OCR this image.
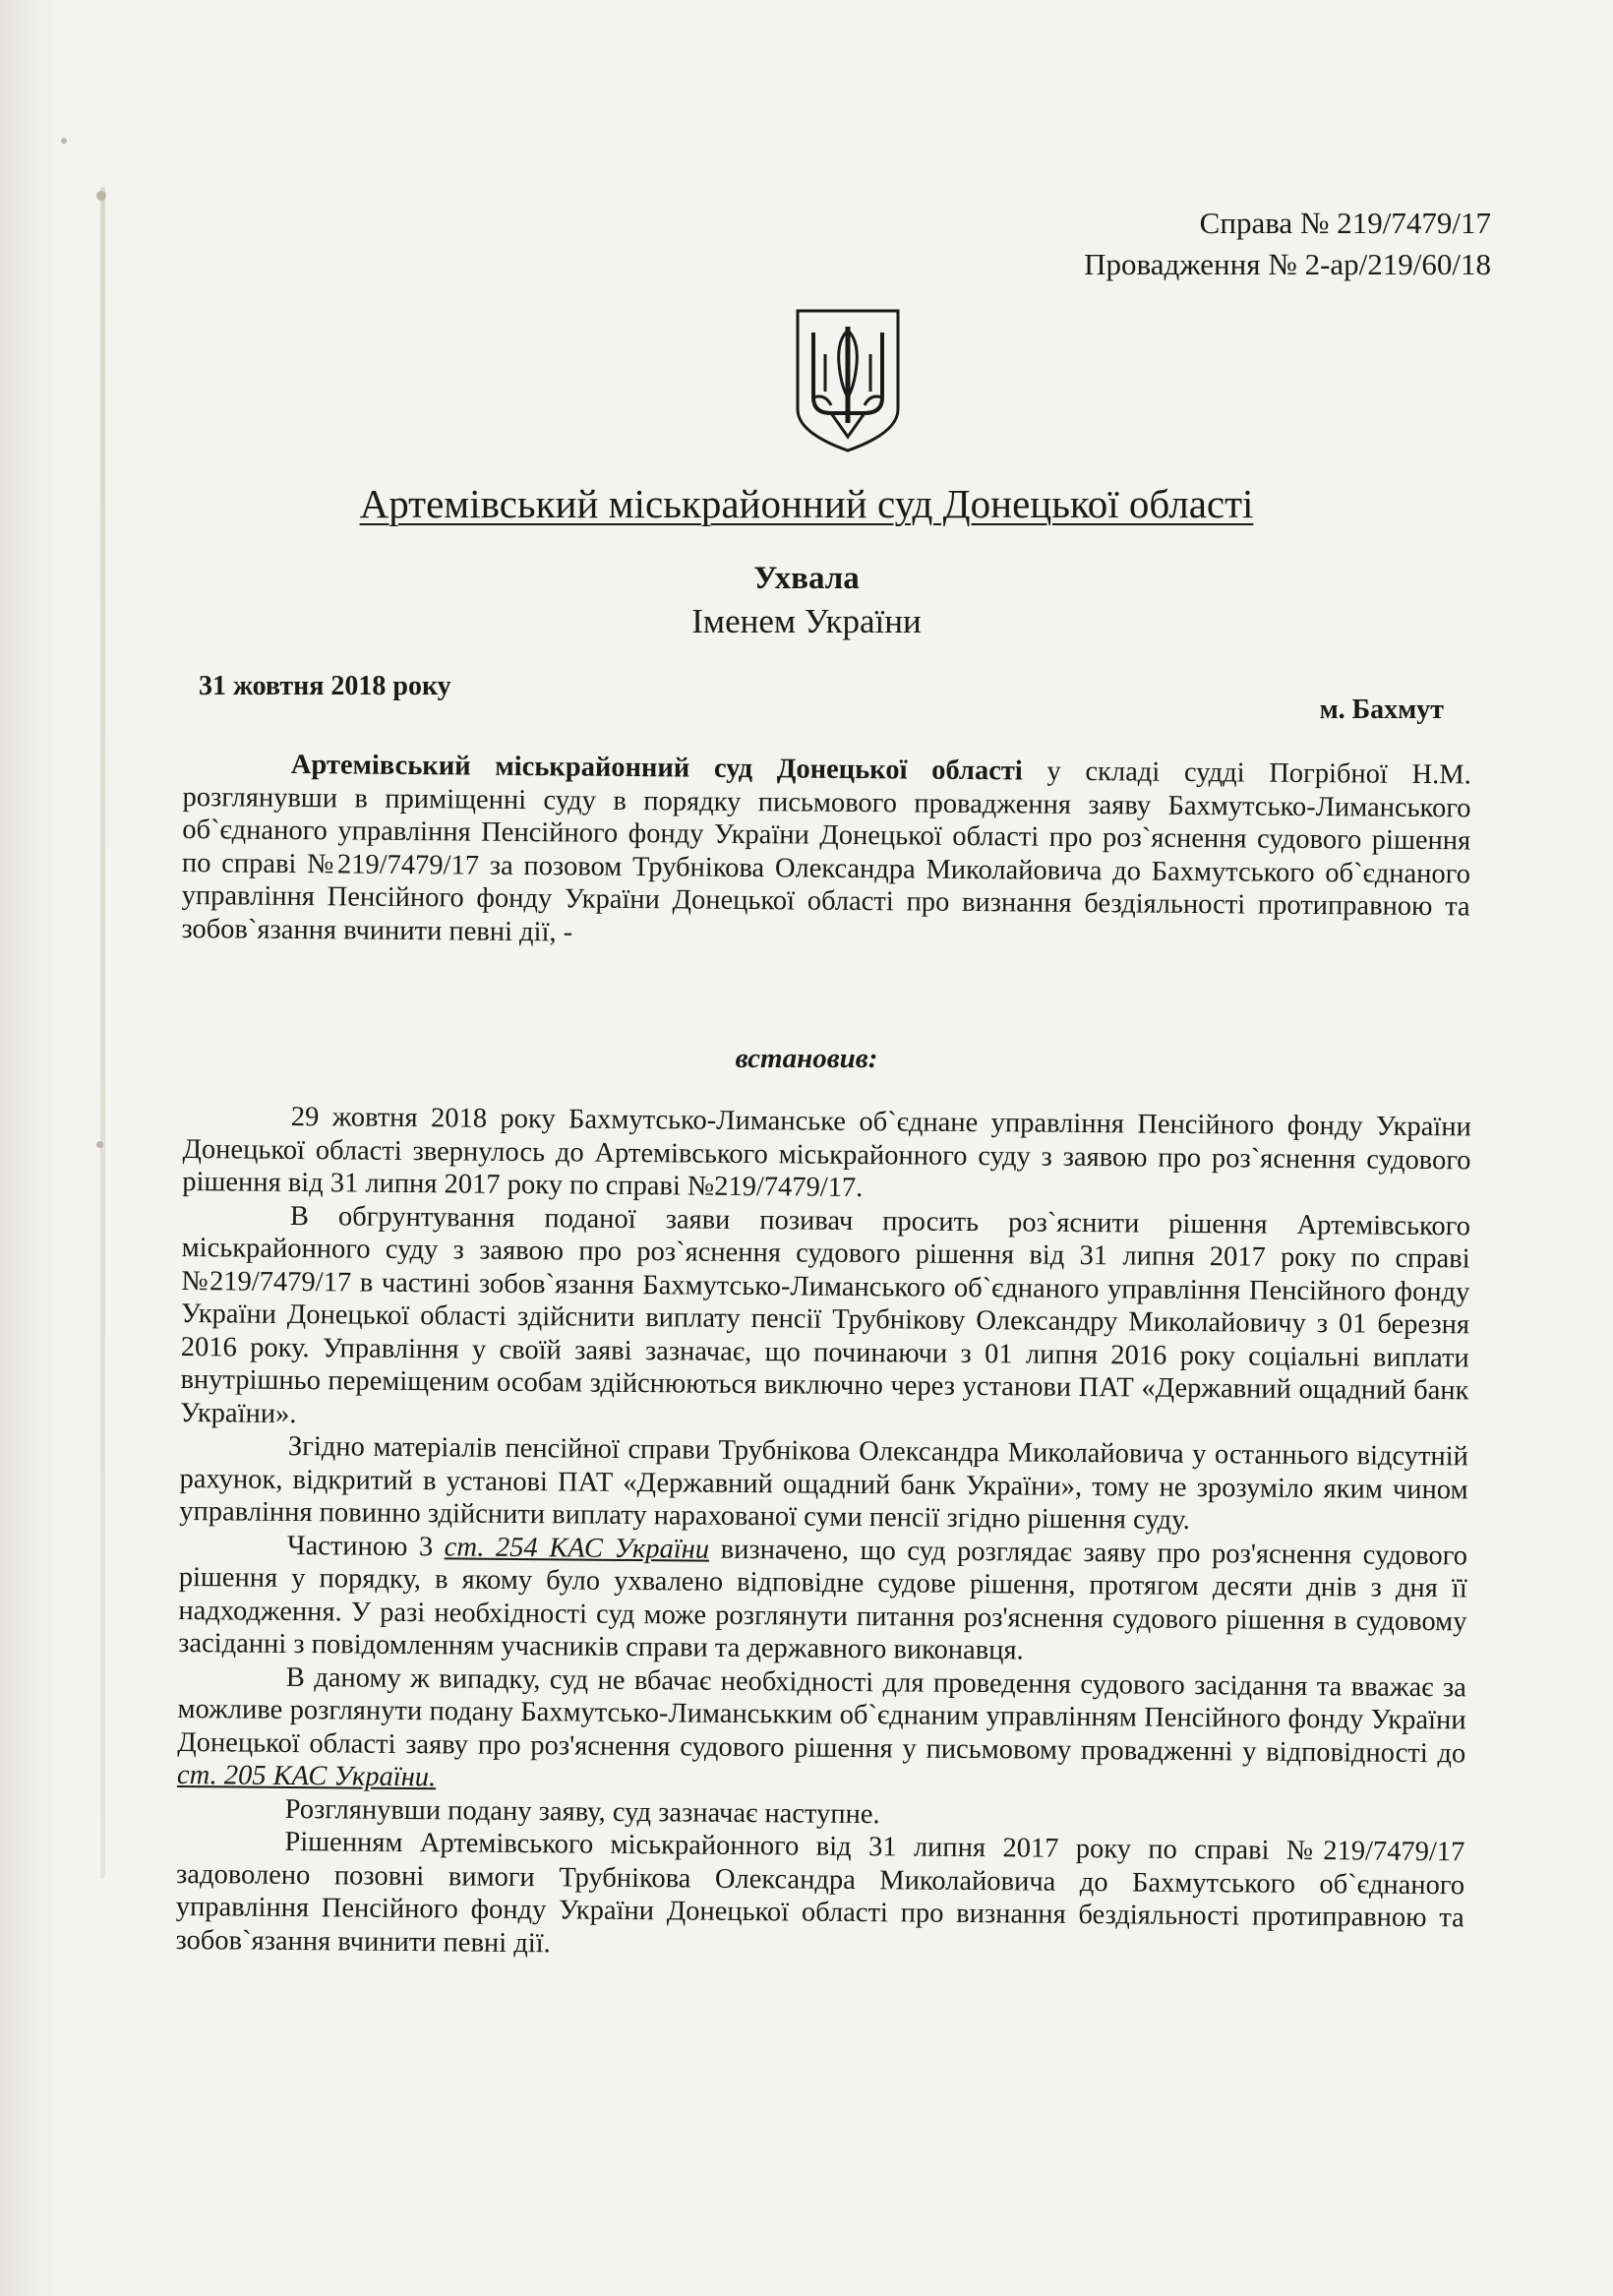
Справа № 219/7479/17
Провадження № 2-ар/219/60/18
Артемівський міськрайонний суд Донецької області
Ухвала
Іменем України
31 жовтня 2018 року
м. Бахмут

Артемівський міськрайонний суд Донецької області у складі судді Погрібної Н.М. розглянувши в приміщенні суду в порядку письмового провадження заяву Бахмутсько-Лиманського об`єднаного управління Пенсійного фонду України Донецької області про роз`яснення судового рішення по справі №219/7479/17 за позовом Трубнікова Олександра Миколайовича до Бахмутського об`єднаного управління Пенсійного фонду України Донецької області про визнання бездіяльності протиправною та зобов`язання вчинити певні дії, -

встановив:

29 жовтня 2018 року Бахмутсько-Лиманське об`єднане управління Пенсійного фонду України Донецької області звернулось до Артемівського міськрайонного суду з заявою про роз`яснення судового рішення від 31 липня 2017 року по справі №219/7479/17.

В обгрунтування поданої заяви позивач просить роз`яснити рішення Артемівського міськрайонного суду з заявою про роз`яснення судового рішення від 31 липня 2017 року по справі №219/7479/17 в частині зобов`язання Бахмутсько-Лиманського об`єднаного управління Пенсійного фонду України Донецької області здійснити виплату пенсії Трубнікову Олександру Миколайовичу з 01 березня 2016 року. Управління у своїй заяві зазначає, що починаючи з 01 липня 2016 року соціальні виплати внутрішньо переміщеним особам здійснюються виключно через установи ПАТ «Державний ощадний банк України».

Згідно матеріалів пенсійної справи Трубнікова Олександра Миколайовича у останнього відсутній рахунок, відкритий в установі ПАТ «Державний ощадний банк України», тому не зрозуміло яким чином управління повинно здійснити виплату нарахованої суми пенсії згідно рішення суду.

Частиною 3 ст. 254 КАС України визначено, що суд розглядає заяву про роз'яснення судового рішення у порядку, в якому було ухвалено відповідне судове рішення, протягом десяти днів з дня її надходження. У разі необхідності суд може розглянути питання роз'яснення судового рішення в судовому засіданні з повідомленням учасників справи та державного виконавця.

В даному ж випадку, суд не вбачає необхідності для проведення судового засідання та вважає за можливе розглянути подану Бахмутсько-Лиманськким об`єднаним управлінням Пенсійного фонду України Донецької області заяву про роз'яснення судового рішення у письмовому провадженні у відповідності до ст. 205 КАС України.

Розглянувши подану заяву, суд зазначає наступне.

Рішенням Артемівського міськрайонного від 31 липня 2017 року по справі №219/7479/17 задоволено позовні вимоги Трубнікова Олександра Миколайовича до Бахмутського об`єднаного управління Пенсійного фонду України Донецької області про визнання бездіяльності протиправною та зобов`язання вчинити певні дії.
